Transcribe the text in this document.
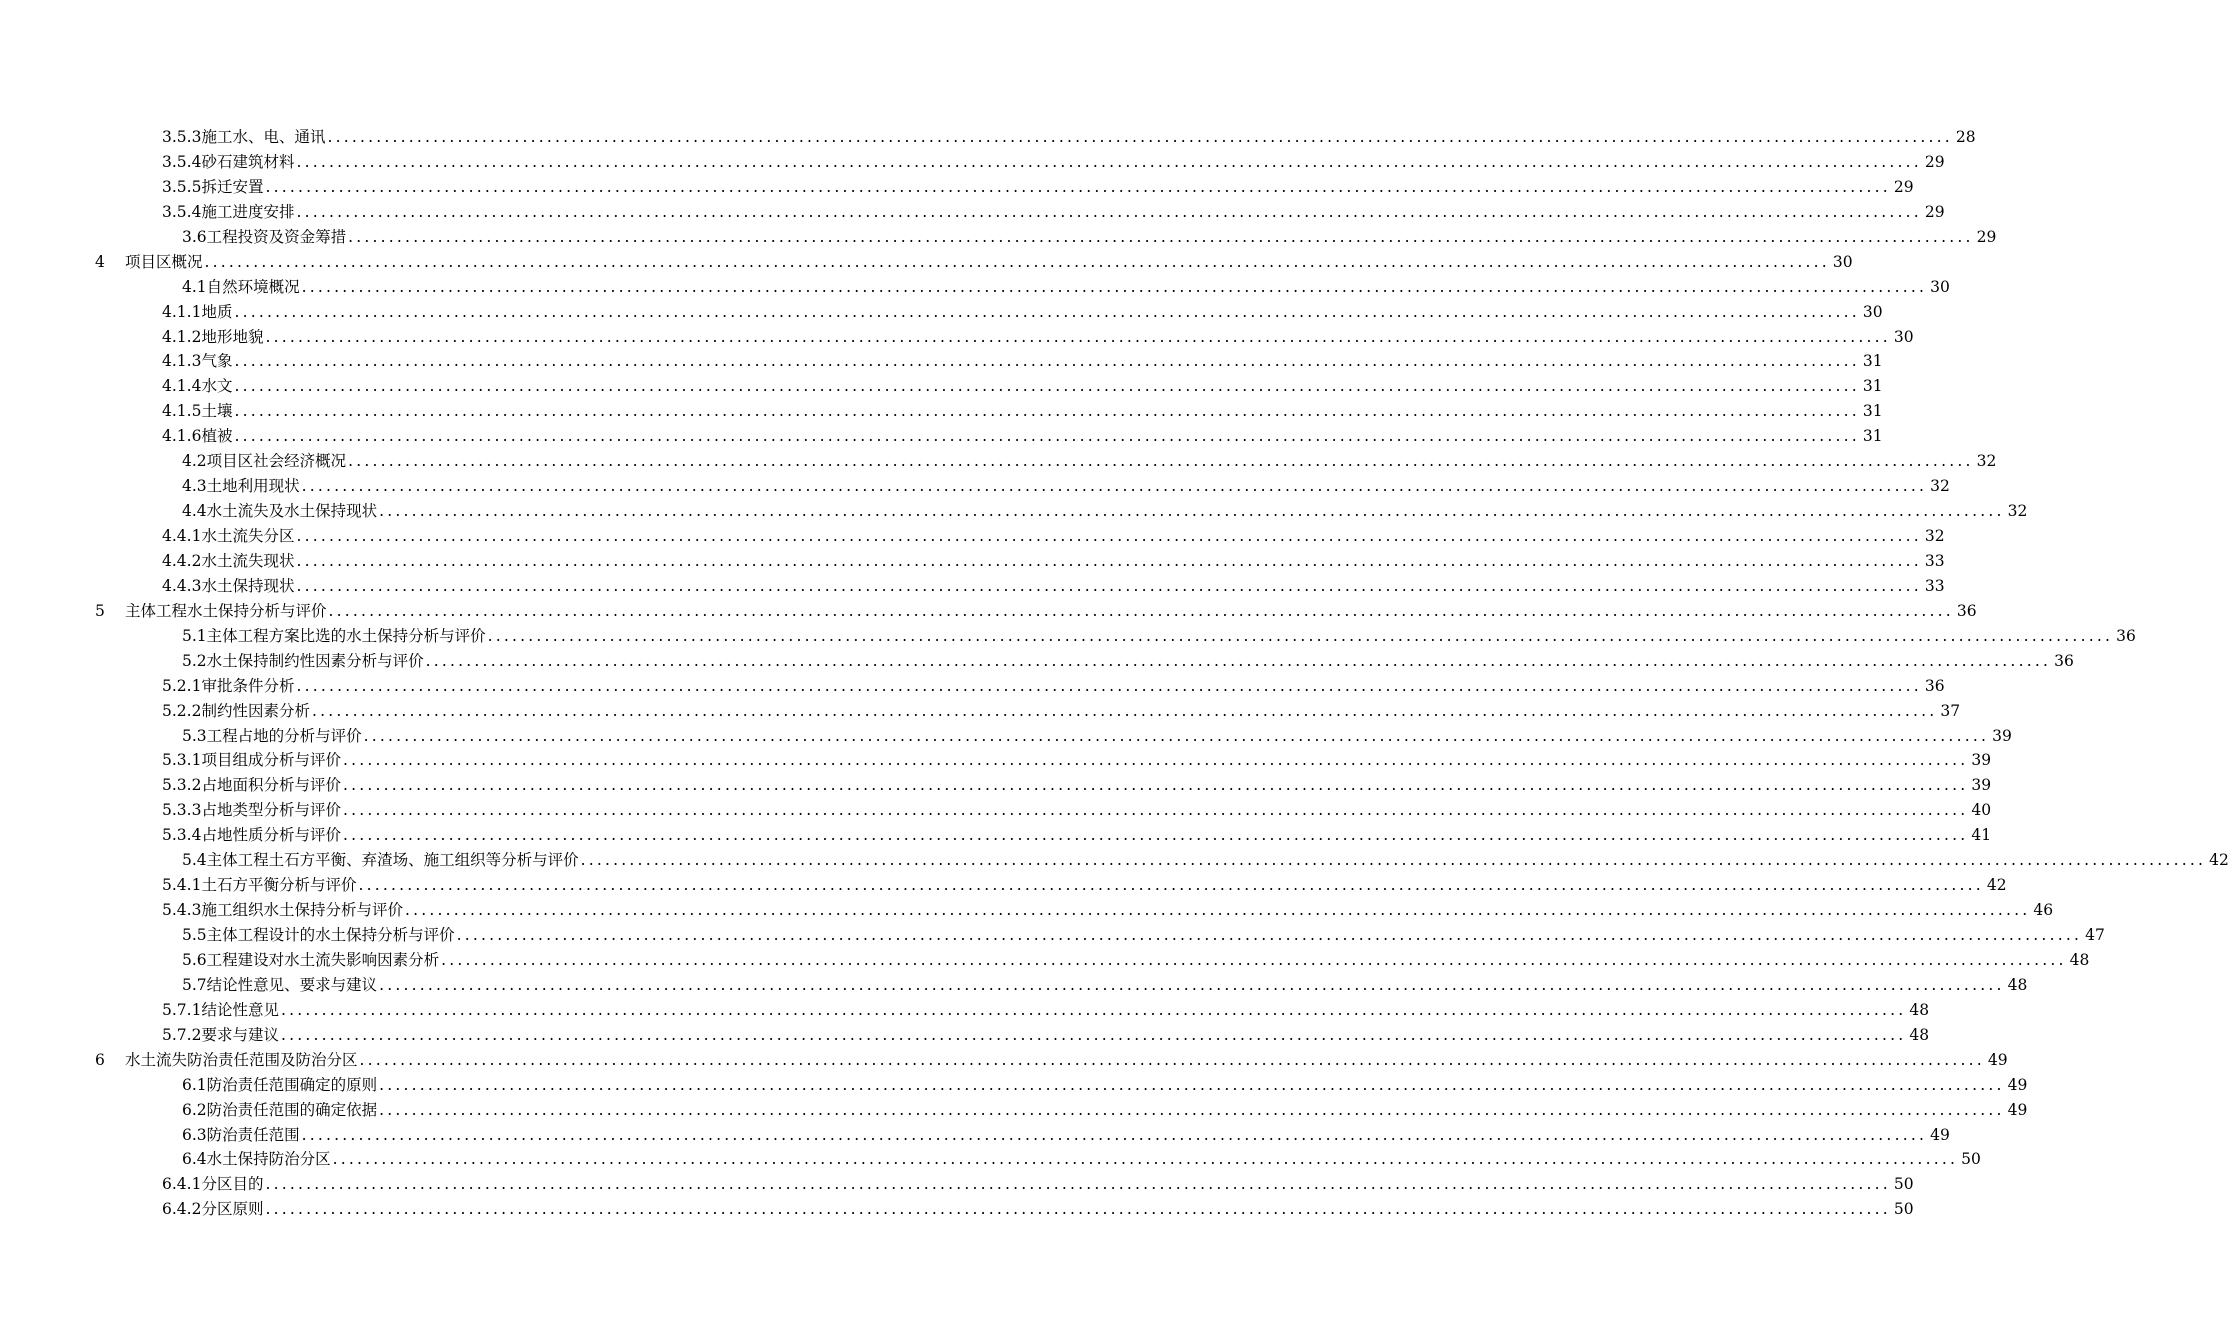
3.5.3施工水、电、通讯 ........................................................................................................................................................................................................ 28
3.5.4砂石建筑材料 ........................................................................................................................................................................................................ 29
3.5.5拆迁安置 ........................................................................................................................................................................................................ 29
3.5.4施工进度安排 ........................................................................................................................................................................................................ 29
3.6工程投资及资金筹措 ........................................................................................................................................................................................................ 29
4 项目区概况 ........................................................................................................................................................................................................ 30
4.1自然环境概况 ........................................................................................................................................................................................................ 30
4.1.1地质 ........................................................................................................................................................................................................ 30
4.1.2地形地貌 ........................................................................................................................................................................................................ 30
4.1.3气象 ........................................................................................................................................................................................................ 31
4.1.4水文 ........................................................................................................................................................................................................ 31
4.1.5土壤 ........................................................................................................................................................................................................ 31
4.1.6植被 ........................................................................................................................................................................................................ 31
4.2项目区社会经济概况 ........................................................................................................................................................................................................ 32
4.3土地利用现状 ........................................................................................................................................................................................................ 32
4.4水土流失及水土保持现状 ........................................................................................................................................................................................................ 32
4.4.1水土流失分区 ........................................................................................................................................................................................................ 32
4.4.2水土流失现状 ........................................................................................................................................................................................................ 33
4.4.3水土保持现状 ........................................................................................................................................................................................................ 33
5 主体工程水土保持分析与评价 ........................................................................................................................................................................................................ 36
5.1主体工程方案比选的水土保持分析与评价 ........................................................................................................................................................................................................ 36
5.2水土保持制约性因素分析与评价 ........................................................................................................................................................................................................ 36
5.2.1审批条件分析 ........................................................................................................................................................................................................ 36
5.2.2制约性因素分析 ........................................................................................................................................................................................................ 37
5.3工程占地的分析与评价 ........................................................................................................................................................................................................ 39
5.3.1项目组成分析与评价 ........................................................................................................................................................................................................ 39
5.3.2占地面积分析与评价 ........................................................................................................................................................................................................ 39
5.3.3占地类型分析与评价 ........................................................................................................................................................................................................ 40
5.3.4占地性质分析与评价 ........................................................................................................................................................................................................ 41
5.4主体工程土石方平衡、弃渣场、施工组织等分析与评价 ........................................................................................................................................................................................................ 42
5.4.1土石方平衡分析与评价 ........................................................................................................................................................................................................ 42
5.4.3施工组织水土保持分析与评价 ........................................................................................................................................................................................................ 46
5.5主体工程设计的水土保持分析与评价 ........................................................................................................................................................................................................ 47
5.6工程建设对水土流失影响因素分析 ........................................................................................................................................................................................................ 48
5.7结论性意见、要求与建议 ........................................................................................................................................................................................................ 48
5.7.1结论性意见 ........................................................................................................................................................................................................ 48
5.7.2要求与建议 ........................................................................................................................................................................................................ 48
6 水土流失防治责任范围及防治分区 ........................................................................................................................................................................................................ 49
6.1防治责任范围确定的原则 ........................................................................................................................................................................................................ 49
6.2防治责任范围的确定依据 ........................................................................................................................................................................................................ 49
6.3防治责任范围 ........................................................................................................................................................................................................ 49
6.4水土保持防治分区 ........................................................................................................................................................................................................ 50
6.4.1分区目的 ........................................................................................................................................................................................................ 50
6.4.2分区原则 ........................................................................................................................................................................................................ 50
